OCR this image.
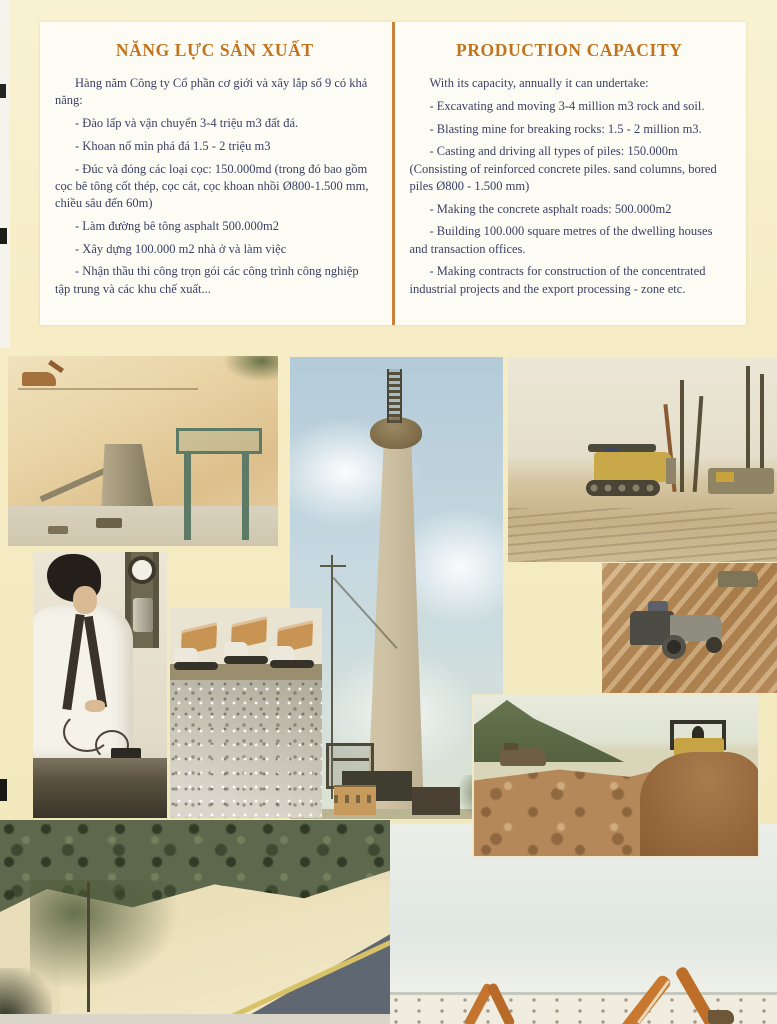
NĂNG LỰC SẢN XUẤT

Hàng năm Công ty Cổ phần cơ giới và xây lắp số 9 có khả năng:

- Đào lấp và vận chuyển 3-4 triệu m3 đất đá.

- Khoan nổ mìn phá đá 1.5 - 2 triệu m3

- Đúc và đóng các loại cọc: 150.000md (trong đó bao gồm cọc bê tông cốt thép, cọc cát, cọc khoan nhồi Ø800-1.500 mm, chiều sâu đến 60m)

- Làm đường bê tông asphalt 500.000m2

- Xây dựng 100.000 m2 nhà ở và làm việc

- Nhận thầu thi công trọn gói các công trình công nghiệp tập trung và các khu chế xuất...

PRODUCTION CAPACITY

With its capacity, annually it can undertake:

- Excavating and moving 3-4 million m3 rock and soil.

- Blasting mine for breaking rocks: 1.5 - 2 million m3.

- Casting and driving all types of piles: 150.000m (Consisting of reinforced concrete piles. sand columns, bored piles Ø800 - 1.500 mm)

- Making the concrete asphalt roads: 500.000m2

- Building 100.000 square metres of the dwelling houses and transaction offices.

- Making contracts for construction of the concentrated industrial projects and the export processing - zone etc.
